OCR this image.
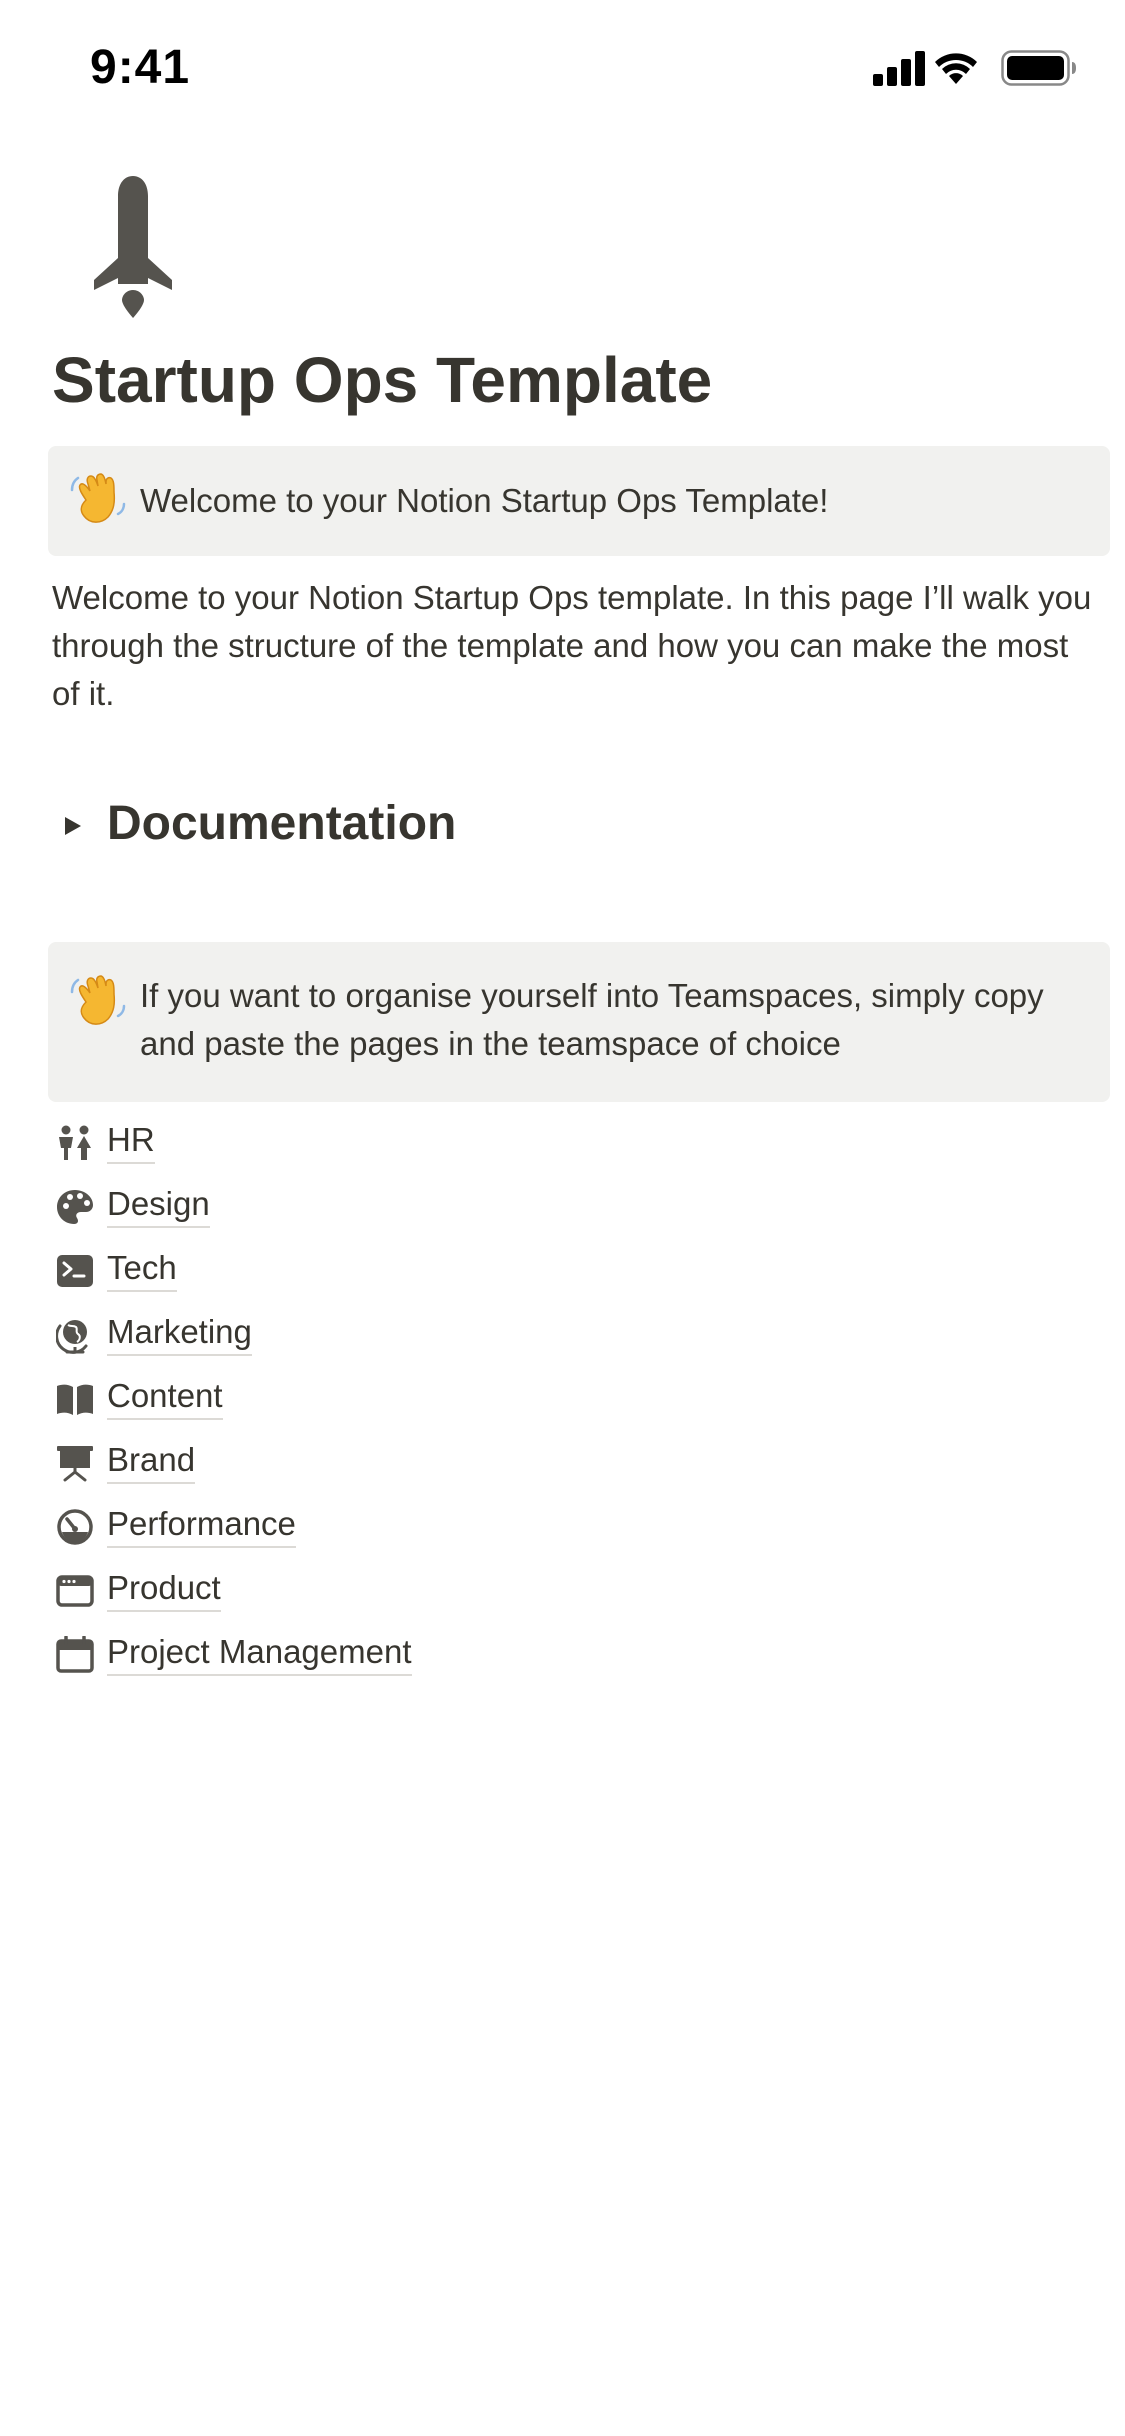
9:41
Startup Ops Template
Welcome to your Notion Startup Ops Template!

Welcome to your Notion Startup Ops template. In this page I’ll walk you through the structure of the template and how you can make the most of it.

Documentation
If you want to organise yourself into Teamspaces, simply copy and paste the pages in the teamspace of choice
HR
Design
Tech
Marketing
Content
Brand
Performance
Product
Project Management
